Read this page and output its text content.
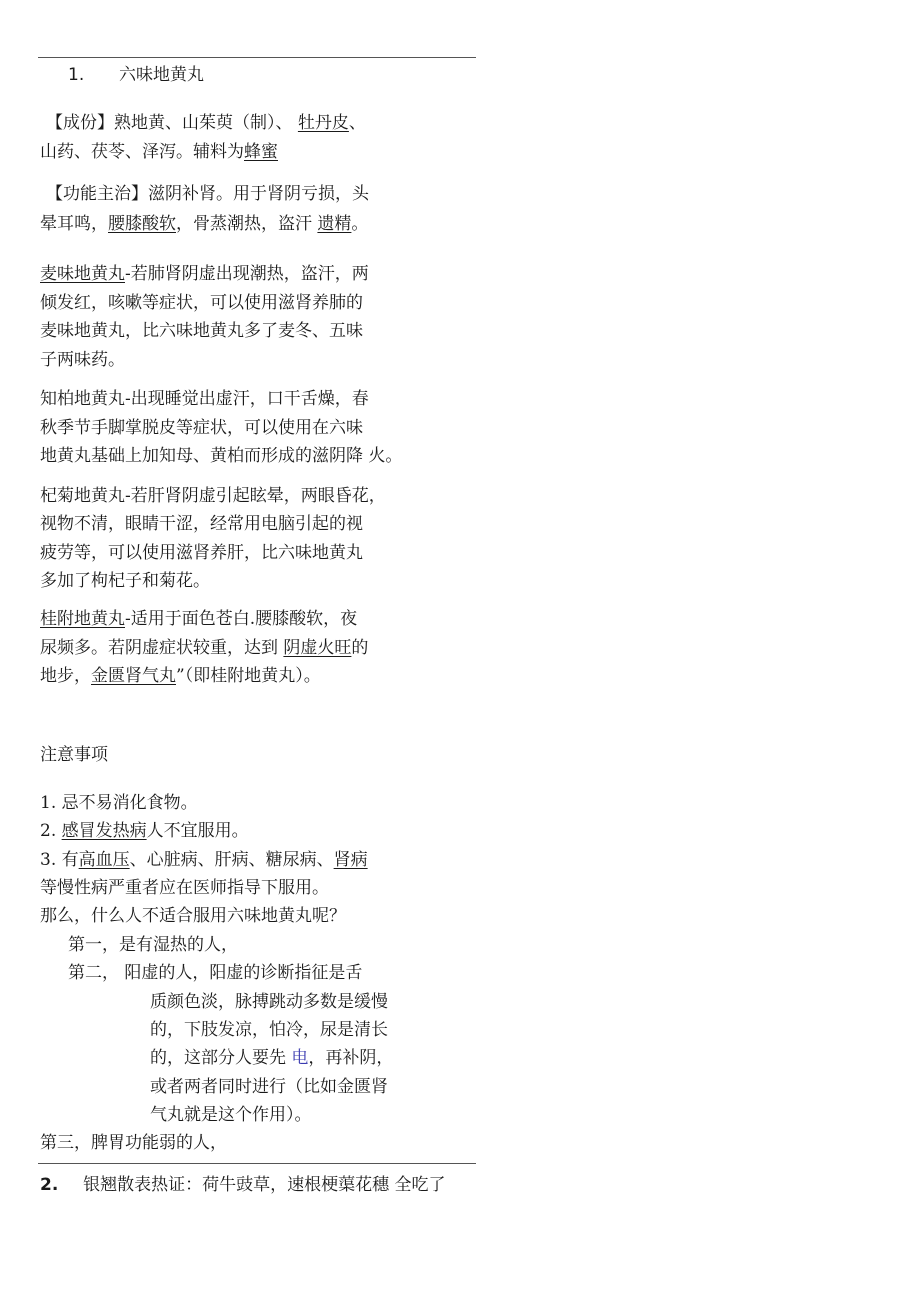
1. 六味地黄丸
【成份】熟地黄、山茱萸（制）、 牡丹皮、
山药、茯苓、泽泻。辅料为蜂蜜
【功能主治】滋阴补肾。用于肾阴亏损，头
晕耳鸣，腰膝酸软，骨蒸潮热，盗汗 遗精。
麦味地黄丸-若肺肾阴虚出现潮热，盗汗，两
倾发红，咳嗽等症状，可以使用滋肾养肺的
麦味地黄丸，比六味地黄丸多了麦冬、五味
子两味药。
知柏地黄丸-出现睡觉出虚汗，口干舌燥，春
秋季节手脚掌脱皮等症状，可以使用在六味
地黄丸基础上加知母、黄柏而形成的滋阴降 火。
杞菊地黄丸-若肝肾阴虚引起眩晕，两眼昏花，
视物不清，眼睛干涩，经常用电脑引起的视
疲劳等，可以使用滋肾养肝，比六味地黄丸
多加了枸杞子和菊花。
桂附地黄丸-适用于面色苍白.腰膝酸软，夜
尿频多。若阴虚症状较重，达到 阴虚火旺的
地步，金匮肾气丸”（即桂附地黄丸）。
注意事项
1. 忌不易消化食物。
2. 感冒发热病人不宜服用。
3. 有高血压、心脏病、肝病、糖尿病、肾病
等慢性病严重者应在医师指导下服用。
那么，什么人不适合服用六味地黄丸呢？
第一，是有湿热的人，
第二， 阳虚的人，阳虚的诊断指征是舌
质颜色淡，脉搏跳动多数是缓慢
的，下肢发凉，怕冷，尿是清长
的，这部分人要先 电，再补阴，
或者两者同时进行（比如金匮肾
气丸就是这个作用）。
第三，脾胃功能弱的人，
2. 银翘散表热证：荷牛豉草，速根梗蕖花穗 全吃了
